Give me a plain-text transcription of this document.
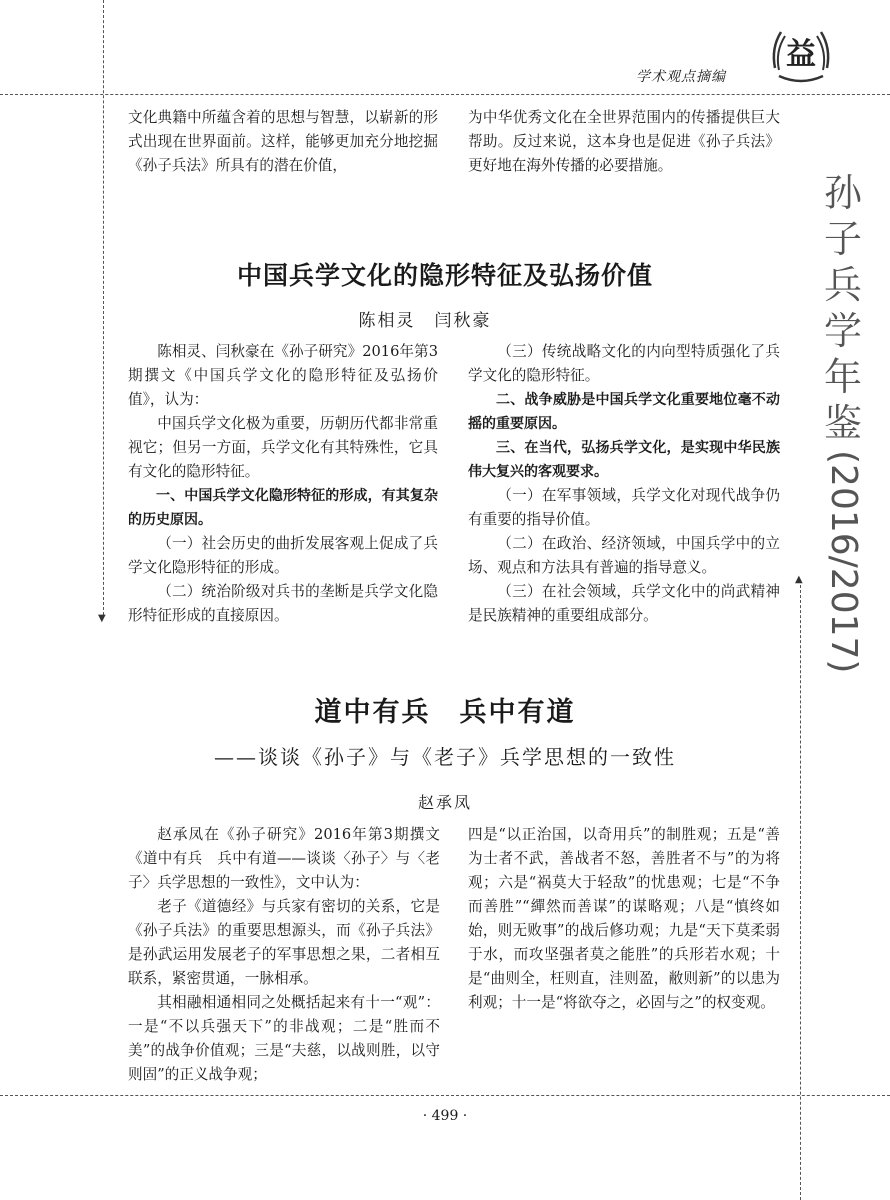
▼
▲
学术观点摘编
益
文化典籍中所蕴含着的思想与智慧，以崭新的形式出现在世界面前。这样，能够更加充分地挖掘《孙子兵法》所具有的潜在价值，
为中华优秀文化在全世界范围内的传播提供巨大帮助。反过来说，这本身也是促进《孙子兵法》更好地在海外传播的必要措施。
中国兵学文化的隐形特征及弘扬价值
陈相灵　闫秋豪

陈相灵、闫秋豪在《孙子研究》2016年第3期撰文《中国兵学文化的隐形特征及弘扬价值》，认为：

中国兵学文化极为重要，历朝历代都非常重视它；但另一方面，兵学文化有其特殊性，它具有文化的隐形特征。

一、中国兵学文化隐形特征的形成，有其复杂的历史原因。

（一）社会历史的曲折发展客观上促成了兵学文化隐形特征的形成。

（二）统治阶级对兵书的垄断是兵学文化隐形特征形成的直接原因。

（三）传统战略文化的内向型特质强化了兵学文化的隐形特征。

二、战争威胁是中国兵学文化重要地位毫不动摇的重要原因。

三、在当代，弘扬兵学文化，是实现中华民族伟大复兴的客观要求。

（一）在军事领域，兵学文化对现代战争仍有重要的指导价值。

（二）在政治、经济领域，中国兵学中的立场、观点和方法具有普遍的指导意义。

（三）在社会领域，兵学文化中的尚武精神是民族精神的重要组成部分。

道中有兵　兵中有道
——谈谈《孙子》与《老子》兵学思想的一致性
赵承凤

赵承凤在《孙子研究》2016年第3期撰文《道中有兵　兵中有道——谈谈〈孙子〉与〈老子〉兵学思想的一致性》，文中认为：

老子《道德经》与兵家有密切的关系，它是《孙子兵法》的重要思想源头，而《孙子兵法》是孙武运用发展老子的军事思想之果，二者相互联系，紧密贯通，一脉相承。

其相融相通相同之处概括起来有十一“观”：一是“不以兵强天下”的非战观；二是“胜而不美”的战争价值观；三是“夫慈，以战则胜，以守则固”的正义战争观；

四是“以正治国，以奇用兵”的制胜观；五是“善为士者不武，善战者不怒，善胜者不与”的为将观；六是“祸莫大于轻敌”的忧患观；七是“不争而善胜”“繟然而善谋”的谋略观；八是“慎终如始，则无败事”的战后修功观；九是“天下莫柔弱于水，而攻坚强者莫之能胜”的兵形若水观；十是“曲则全，枉则直，洼则盈，敝则新”的以患为利观；十一是“将欲夺之，必固与之”的权变观。

孙
子
兵
学
年
鉴
(2016/2017)
· 499 ·
